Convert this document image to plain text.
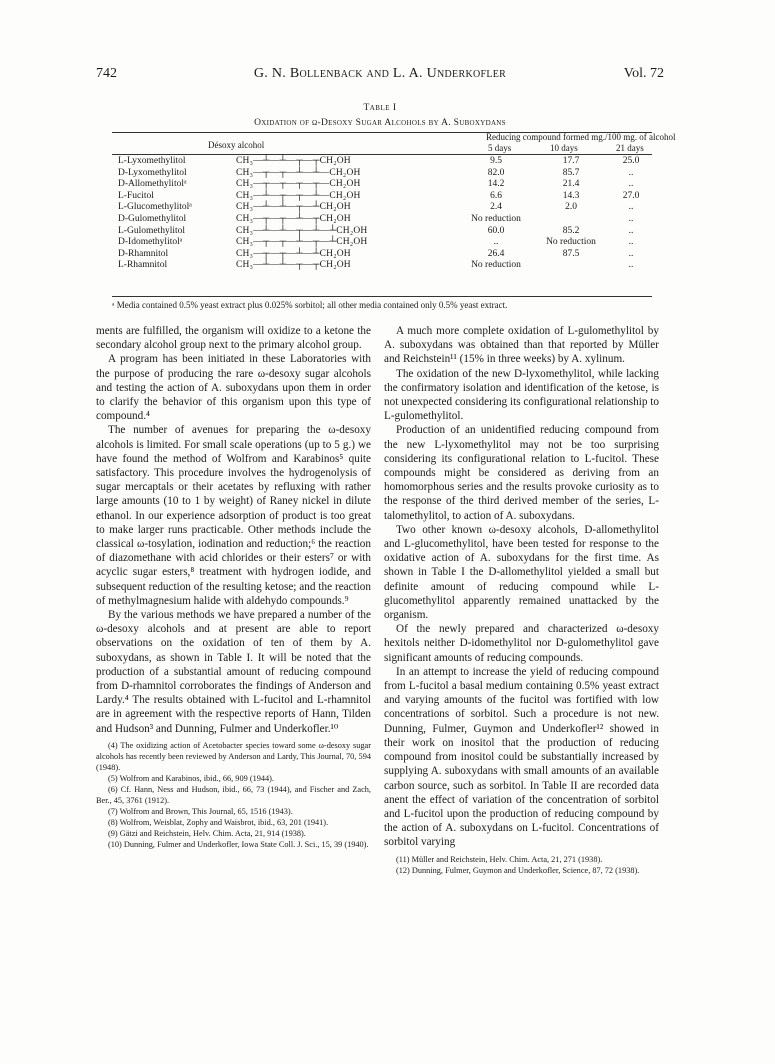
742	G. N. Bollenback and L. A. Underkofler	Vol. 72
Table I
Oxidation of ω-Desoxy Sugar Alcohols by A. Suboxydans
Désoxy alcohol
Reducing compound formed mg./100 mg. of alcohol
5 days	10 days	21 days
L-Lyxomethylitol	CH₃—┴—┴—┬—┬CH₂OH	9.5	17.7	25.0
D-Lyxomethylitol	CH₃—┬—┬—┴—┴—CH₂OH	82.0	85.7	..
D-Allomethylitolᵃ	CH₃—┬—┬—┬—┬—CH₂OH	14.2	21.4	..
L-Fucitol	CH₃—┴—┬—┬—┴—CH₂OH	6.6	14.3	27.0
L-Glucomethylitolᵃ	CH₃—┴—┴—┬—┴CH₂OH	2.4	2.0	..
D-Gulomethylitol	CH₃—┬—┬—┴—┬CH₂OH	No reduction	..
L-Gulomethylitol	CH₃—┴—┴—┬—┴—┴CH₂OH	60.0	85.2	..
D-Idomethylitolᵃ	CH₃—┬—┬—┴—┬—┴CH₂OH	..	No reduction	..
D-Rhamnitol	CH₃—┬—┬—┴—┴CH₂OH	26.4	87.5	..
L-Rhamnitol	CH₃—┴—┴—┬—┬CH₂OH	No reduction	..
ᵃ Media contained 0.5% yeast extract plus 0.025% sorbitol; all other media contained only 0.5% yeast extract.

ments are fulfilled, the organism will oxidize to a ketone the secondary alcohol group next to the primary alcohol group.

A program has been initiated in these Laboratories with the purpose of producing the rare ω-desoxy sugar alcohols and testing the action of A. suboxydans upon them in order to clarify the behavior of this organism upon this type of compound.⁴

The number of avenues for preparing the ω-desoxy alcohols is limited. For small scale operations (up to 5 g.) we have found the method of Wolfrom and Karabinos⁵ quite satisfactory. This procedure involves the hydrogenolysis of sugar mercaptals or their acetates by refluxing with rather large amounts (10 to 1 by weight) of Raney nickel in dilute ethanol. In our experience adsorption of product is too great to make larger runs practicable. Other methods include the classical ω-tosylation, iodination and reduction;⁶ the reaction of diazomethane with acid chlorides or their esters⁷ or with acyclic sugar esters,⁸ treatment with hydrogen iodide, and subsequent reduction of the resulting ketose; and the reaction of methylmagnesium halide with aldehydo compounds.⁹

By the various methods we have prepared a number of the ω-desoxy alcohols and at present are able to report observations on the oxidation of ten of them by A. suboxydans, as shown in Table I. It will be noted that the production of a substantial amount of reducing compound from D-rhamnitol corroborates the findings of Anderson and Lardy.⁴ The results obtained with L-fucitol and L-rhamnitol are in agreement with the respective reports of Hann, Tilden and Hudson³ and Dunning, Fulmer and Underkofler.¹⁰

(4) The oxidizing action of Acetobacter species toward some ω-desoxy sugar alcohols has recently been reviewed by Anderson and Lardy, This Journal, 70, 594 (1948).

(5) Wolfrom and Karabinos, ibid., 66, 909 (1944).

(6) Cf. Hann, Ness and Hudson, ibid., 66, 73 (1944), and Fischer and Zach, Ber., 45, 3761 (1912).

(7) Wolfrom and Brown, This Journal, 65, 1516 (1943).

(8) Wolfrom, Weisblat, Zophy and Waisbrot, ibid., 63, 201 (1941).

(9) Gätzi and Reichstein, Helv. Chim. Acta, 21, 914 (1938).

(10) Dunning, Fulmer and Underkofler, Iowa State Coll. J. Sci., 15, 39 (1940).

A much more complete oxidation of L-gulomethylitol by A. suboxydans was obtained than that reported by Müller and Reichstein¹¹ (15% in three weeks) by A. xylinum.

The oxidation of the new D-lyxomethylitol, while lacking the confirmatory isolation and identification of the ketose, is not unexpected considering its configurational relationship to L-gulomethylitol.

Production of an unidentified reducing compound from the new L-lyxomethylitol may not be too surprising considering its configurational relation to L-fucitol. These compounds might be considered as deriving from an homomorphous series and the results provoke curiosity as to the response of the third derived member of the series, L-talomethylitol, to action of A. suboxydans.

Two other known ω-desoxy alcohols, D-allomethylitol and L-glucomethylitol, have been tested for response to the oxidative action of A. suboxydans for the first time. As shown in Table I the D-allomethylitol yielded a small but definite amount of reducing compound while L-glucomethylitol apparently remained unattacked by the organism.

Of the newly prepared and characterized ω-desoxy hexitols neither D-idomethylitol nor D-gulomethylitol gave significant amounts of reducing compounds.

In an attempt to increase the yield of reducing compound from L-fucitol a basal medium containing 0.5% yeast extract and varying amounts of the fucitol was fortified with low concentrations of sorbitol. Such a procedure is not new. Dunning, Fulmer, Guymon and Underkofler¹² showed in their work on inositol that the production of reducing compound from inositol could be substantially increased by supplying A. suboxydans with small amounts of an available carbon source, such as sorbitol. In Table II are recorded data anent the effect of variation of the concentration of sorbitol and L-fucitol upon the production of reducing compound by the action of A. suboxydans on L-fucitol. Concentrations of sorbitol varying

(11) Müller and Reichstein, Helv. Chim. Acta, 21, 271 (1938).

(12) Dunning, Fulmer, Guymon and Underkofler, Science, 87, 72 (1938).
